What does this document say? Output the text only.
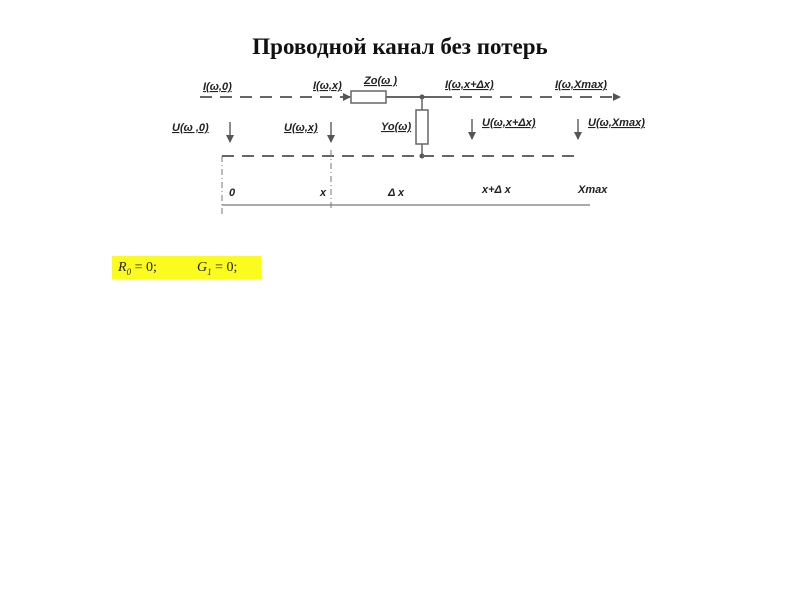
Проводной канал без потерь
I(ω,0)	I(ω,x) Zo(ω )	I(ω,x+Δx)	I(ω,Xmax)
U(ω ,0)	U(ω,x)	Yo(ω)	U(ω,x+Δx)	U(ω,Xmax)
0	x	Δ x	x+Δ x	Xmax
$R_0 = 0$;	$G_1 = 0$;
